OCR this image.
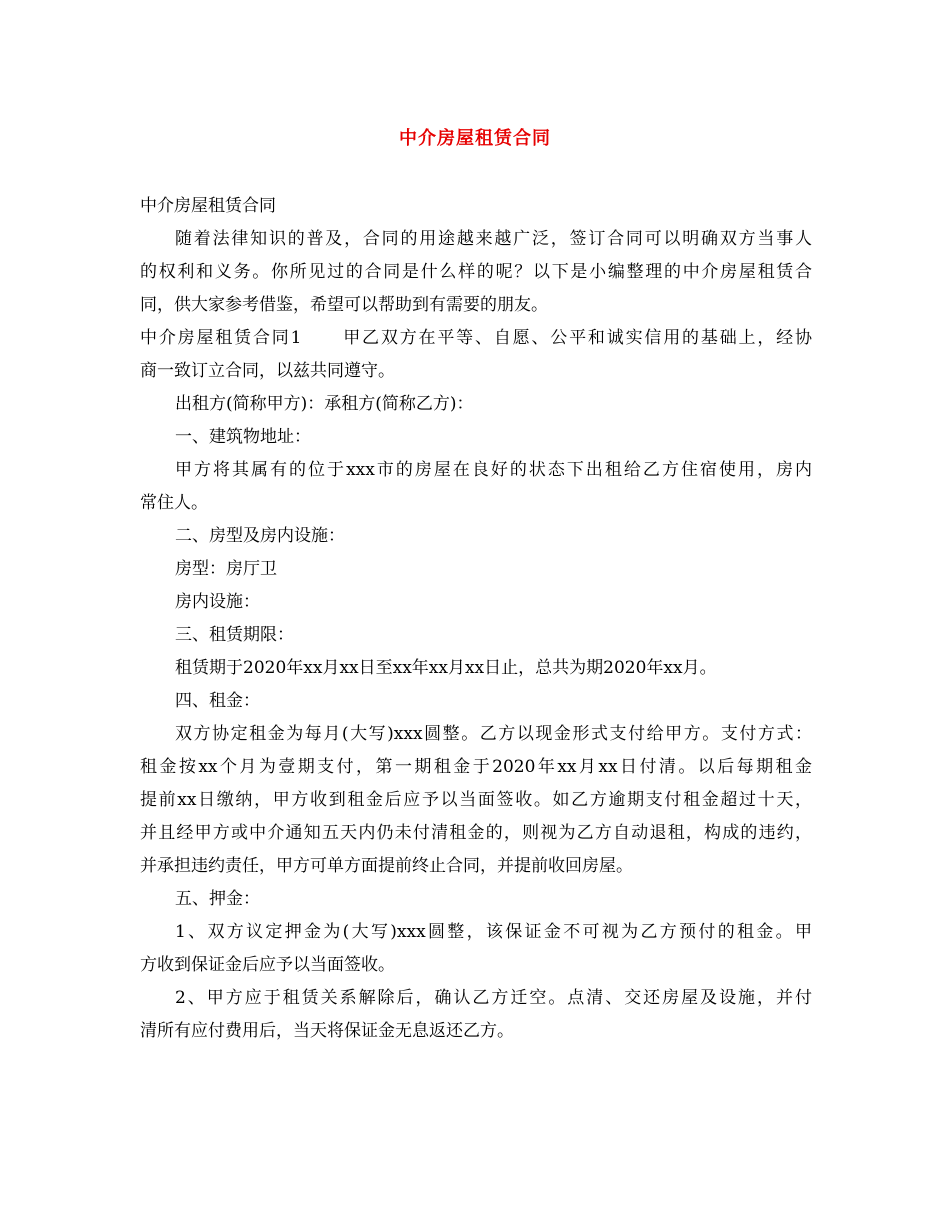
中介房屋租赁合同
中介房屋租赁合同
随着法律知识的普及，合同的用途越来越广泛，签订合同可以明确双方当事人
的权利和义务。你所见过的合同是什么样的呢？以下是小编整理的中介房屋租赁合
同，供大家参考借鉴，希望可以帮助到有需要的朋友。
中介房屋租赁合同1 甲乙双方在平等、自愿、公平和诚实信用的基础上，经协
商一致订立合同，以兹共同遵守。
出租方(简称甲方)：承租方(简称乙方)：
一、建筑物地址：
甲方将其属有的位于xxx市的房屋在良好的状态下出租给乙方住宿使用，房内
常住人。
二、房型及房内设施：
房型：房厅卫
房内设施：
三、租赁期限：
租赁期于2020年xx月xx日至xx年xx月xx日止，总共为期2020年xx月。
四、租金：
双方协定租金为每月(大写)xxx圆整。乙方以现金形式支付给甲方。支付方式：
租金按xx个月为壹期支付，第一期租金于2020年xx月xx日付清。以后每期租金
提前xx日缴纳，甲方收到租金后应予以当面签收。如乙方逾期支付租金超过十天，
并且经甲方或中介通知五天内仍未付清租金的，则视为乙方自动退租，构成的违约，
并承担违约责任，甲方可单方面提前终止合同，并提前收回房屋。
五、押金：
1、双方议定押金为(大写)xxx圆整，该保证金不可视为乙方预付的租金。甲
方收到保证金后应予以当面签收。
2、甲方应于租赁关系解除后，确认乙方迁空。点清、交还房屋及设施，并付
清所有应付费用后，当天将保证金无息返还乙方。
